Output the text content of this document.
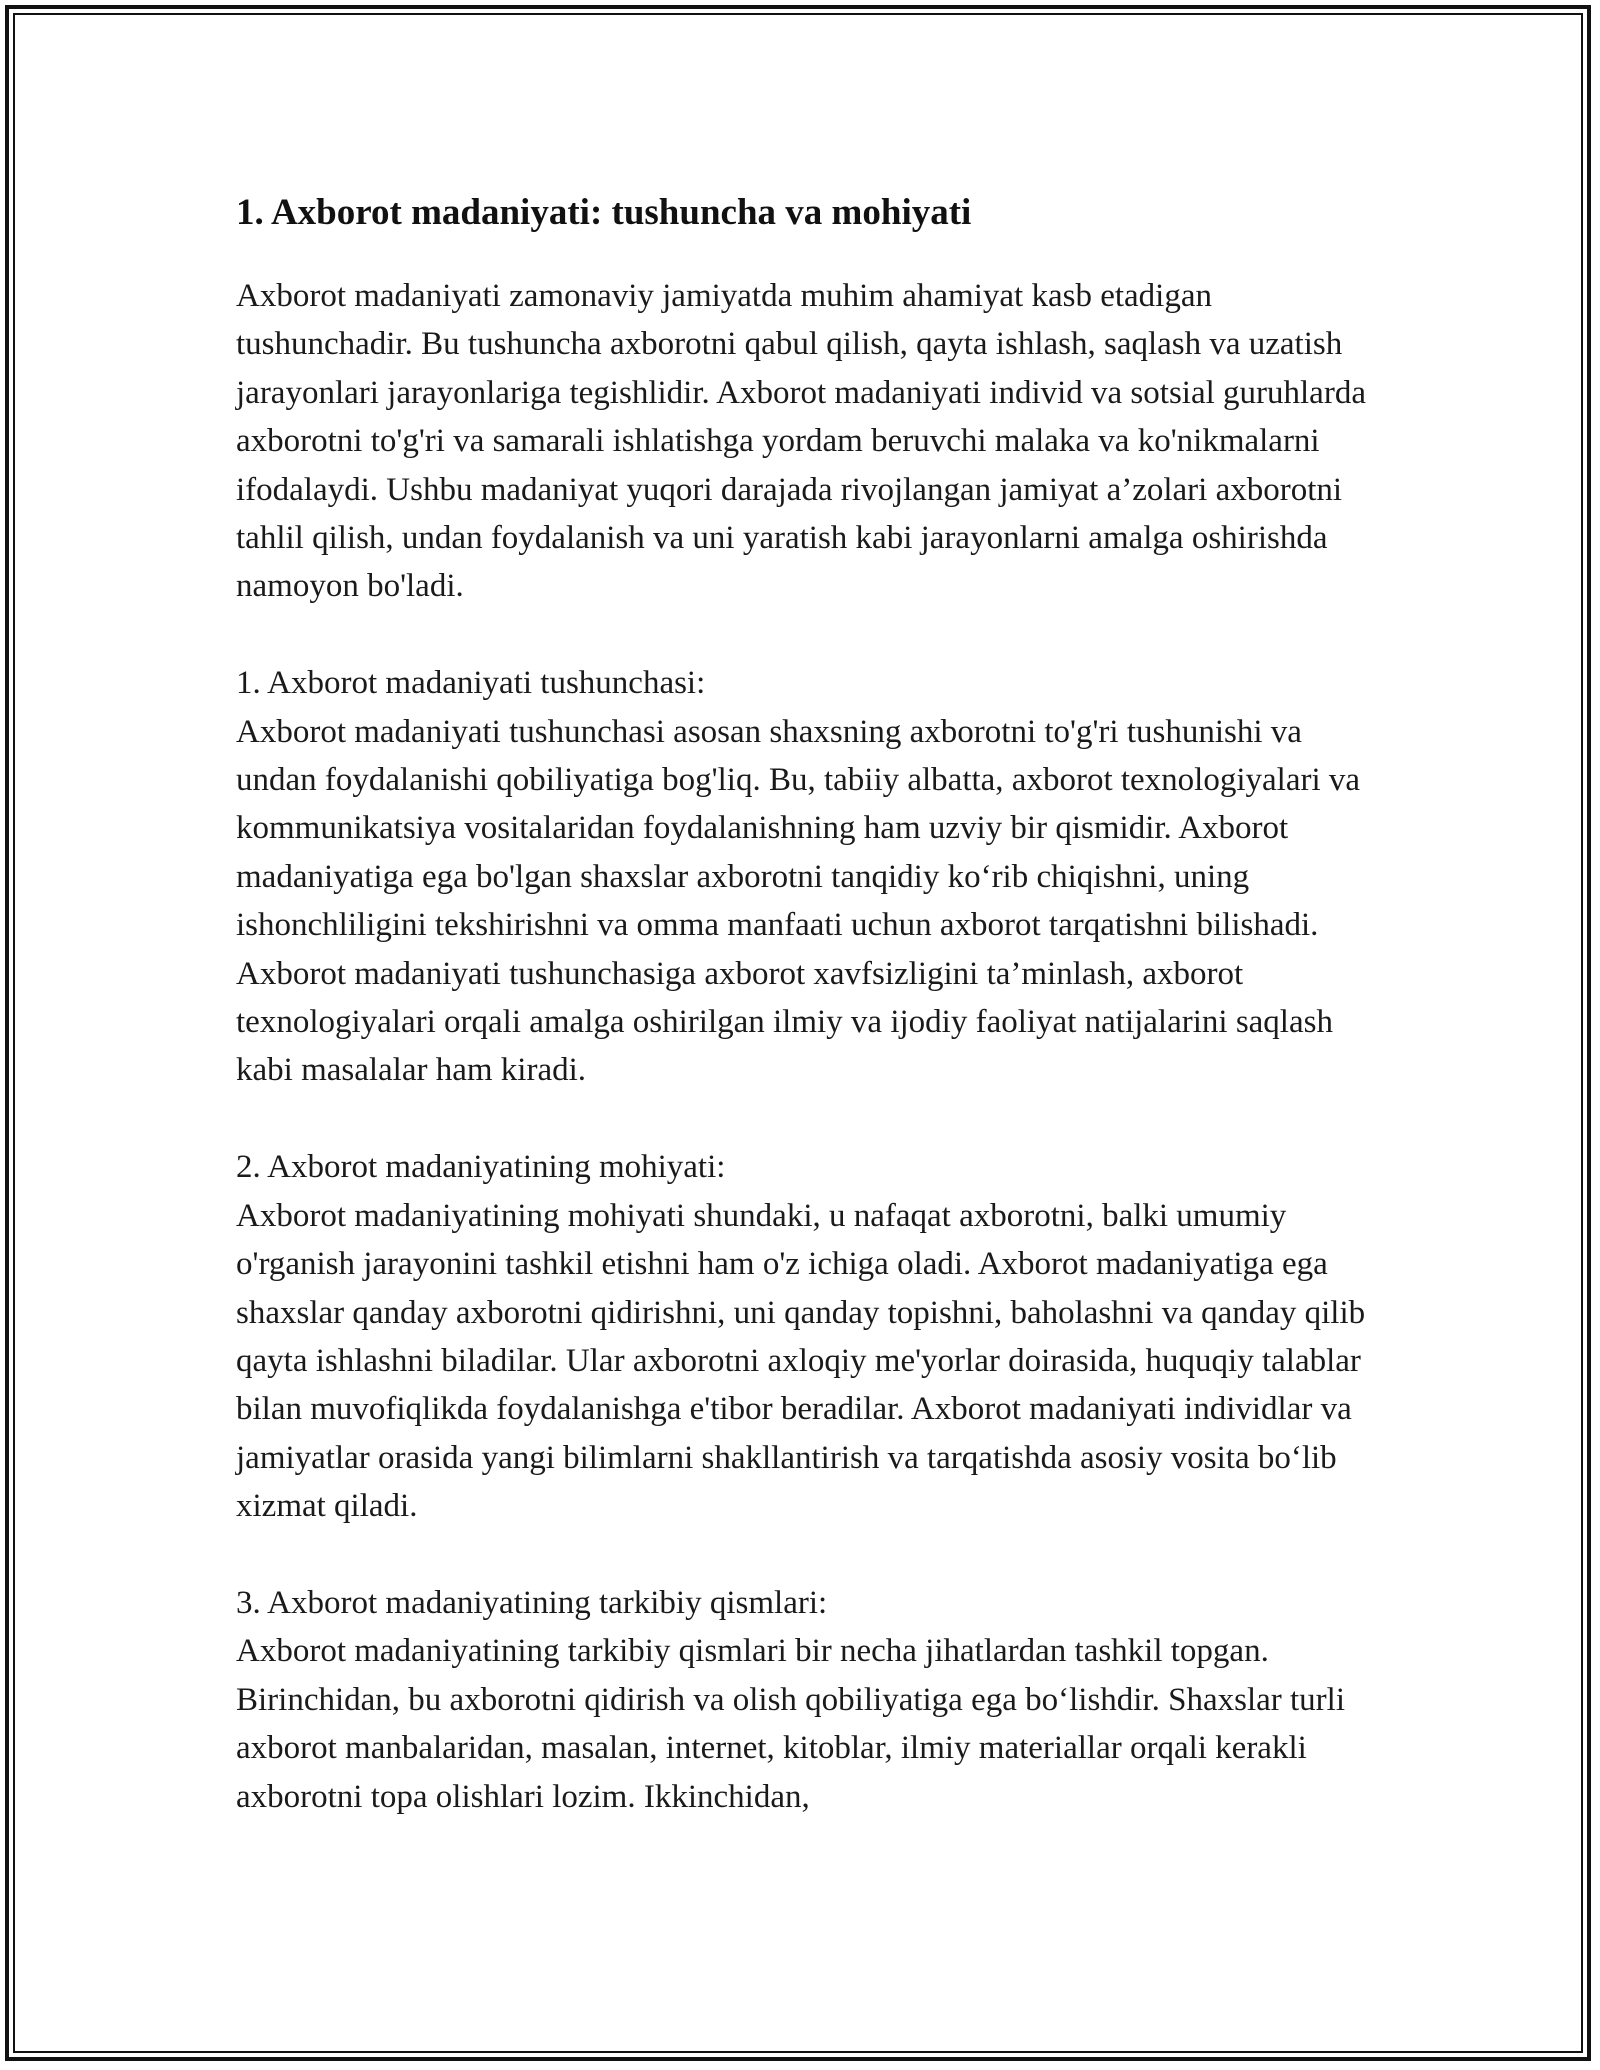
1. Axborot madaniyati: tushuncha va mohiyati

Axborot madaniyati zamonaviy jamiyatda muhim ahamiyat kasb etadigan tushunchadir. Bu tushuncha axborotni qabul qilish, qayta ishlash, saqlash va uzatish jarayonlari jarayonlariga tegishlidir. Axborot madaniyati individ va sotsial guruhlarda axborotni to'g'ri va samarali ishlatishga yordam beruvchi malaka va ko'nikmalarni ifodalaydi. Ushbu madaniyat yuqori darajada rivojlangan jamiyat a’zolari axborotni tahlil qilish, undan foydalanish va uni yaratish kabi jarayonlarni amalga oshirishda namoyon bo'ladi.

1. Axborot madaniyati tushunchasi:

Axborot madaniyati tushunchasi asosan shaxsning axborotni to'g'ri tushunishi va undan foydalanishi qobiliyatiga bog'liq. Bu, tabiiy albatta, axborot texnologiyalari va kommunikatsiya vositalaridan foydalanishning ham uzviy bir qismidir. Axborot madaniyatiga ega bo'lgan shaxslar axborotni tanqidiy ko‘rib chiqishni, uning ishonchliligini tekshirishni va omma manfaati uchun axborot tarqatishni bilishadi. Axborot madaniyati tushunchasiga axborot xavfsizligini ta’minlash, axborot texnologiyalari orqali amalga oshirilgan ilmiy va ijodiy faoliyat natijalarini saqlash kabi masalalar ham kiradi.

2. Axborot madaniyatining mohiyati:

Axborot madaniyatining mohiyati shundaki, u nafaqat axborotni, balki umumiy o'rganish jarayonini tashkil etishni ham o'z ichiga oladi. Axborot madaniyatiga ega shaxslar qanday axborotni qidirishni, uni qanday topishni, baholashni va qanday qilib qayta ishlashni biladilar. Ular axborotni axloqiy me'yorlar doirasida, huquqiy talablar bilan muvofiqlikda foydalanishga e'tibor beradilar. Axborot madaniyati individlar va jamiyatlar orasida yangi bilimlarni shakllantirish va tarqatishda asosiy vosita bo‘lib xizmat qiladi.

3. Axborot madaniyatining tarkibiy qismlari:

Axborot madaniyatining tarkibiy qismlari bir necha jihatlardan tashkil topgan. Birinchidan, bu axborotni qidirish va olish qobiliyatiga ega bo‘lishdir. Shaxslar turli axborot manbalaridan, masalan, internet, kitoblar, ilmiy materiallar orqali kerakli axborotni topa olishlari lozim. Ikkinchidan,
